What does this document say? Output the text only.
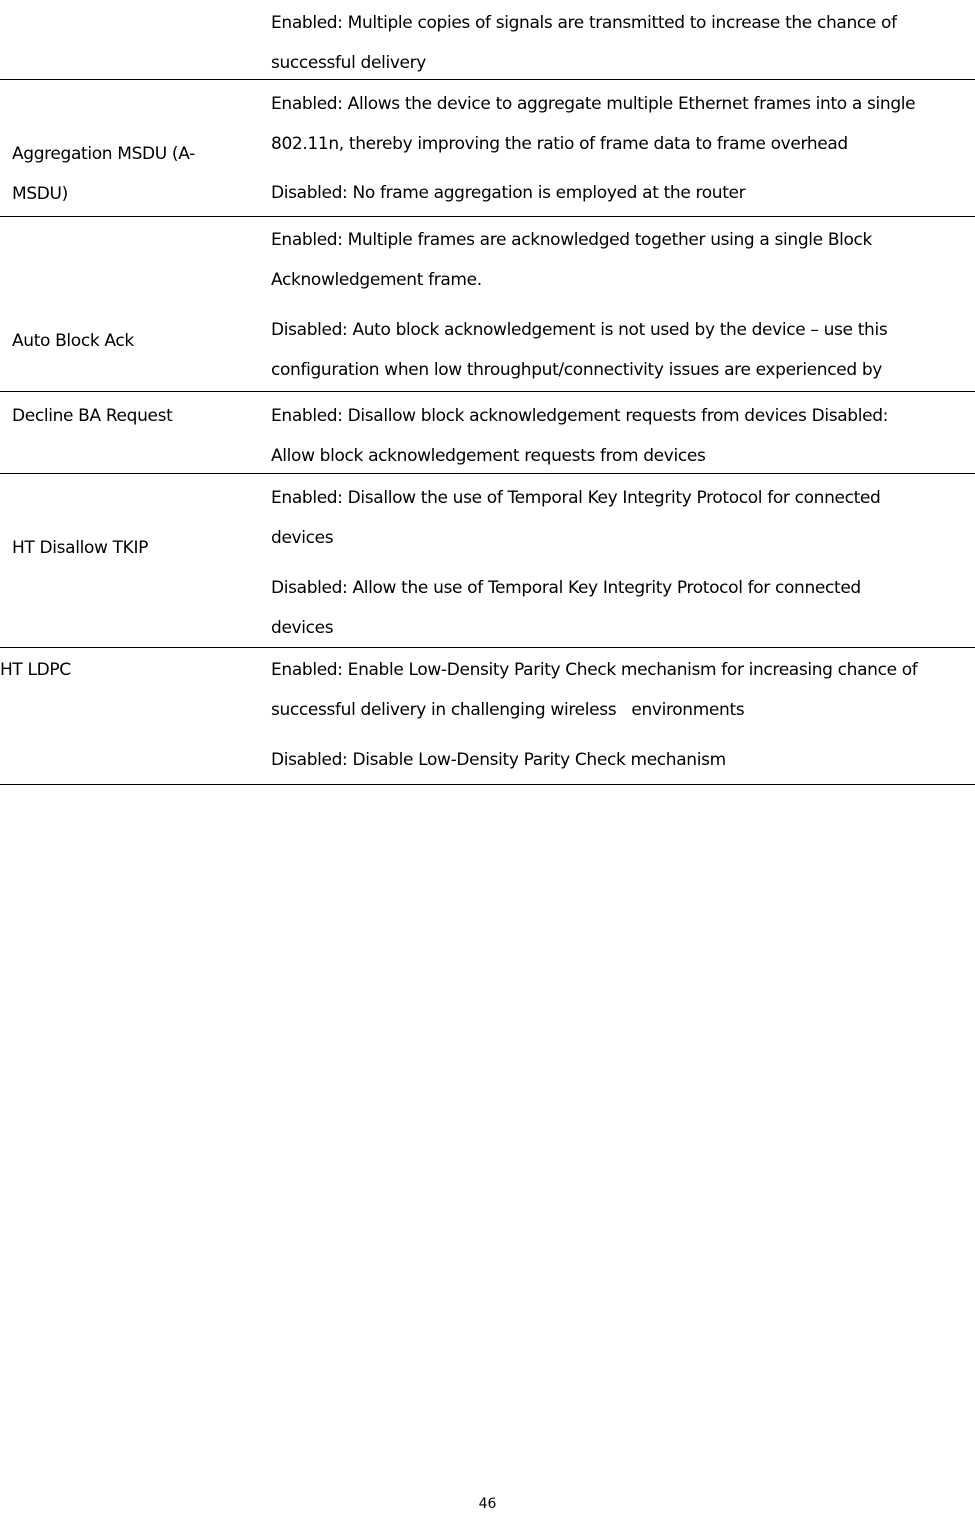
Enabled: Multiple copies of signals are transmitted to increase the chance of
successful delivery
Aggregation MSDU (A-
MSDU)
Enabled: Allows the device to aggregate multiple Ethernet frames into a single
802.11n, thereby improving the ratio of frame data to frame overhead
Disabled: No frame aggregation is employed at the router
Auto Block Ack
Enabled: Multiple frames are acknowledged together using a single Block
Acknowledgement frame.
Disabled: Auto block acknowledgement is not used by the device – use this
configuration when low throughput/connectivity issues are experienced by
Decline BA Request	Enabled: Disallow block acknowledgement requests from devices Disabled:
Allow block acknowledgement requests from devices
HT Disallow TKIP
Enabled: Disallow the use of Temporal Key Integrity Protocol for connected
devices
Disabled: Allow the use of Temporal Key Integrity Protocol for connected
devices
HT LDPC	Enabled: Enable Low-Density Parity Check mechanism for increasing chance of
successful delivery in challenging wireless   environments
Disabled: Disable Low-Density Parity Check mechanism
46
